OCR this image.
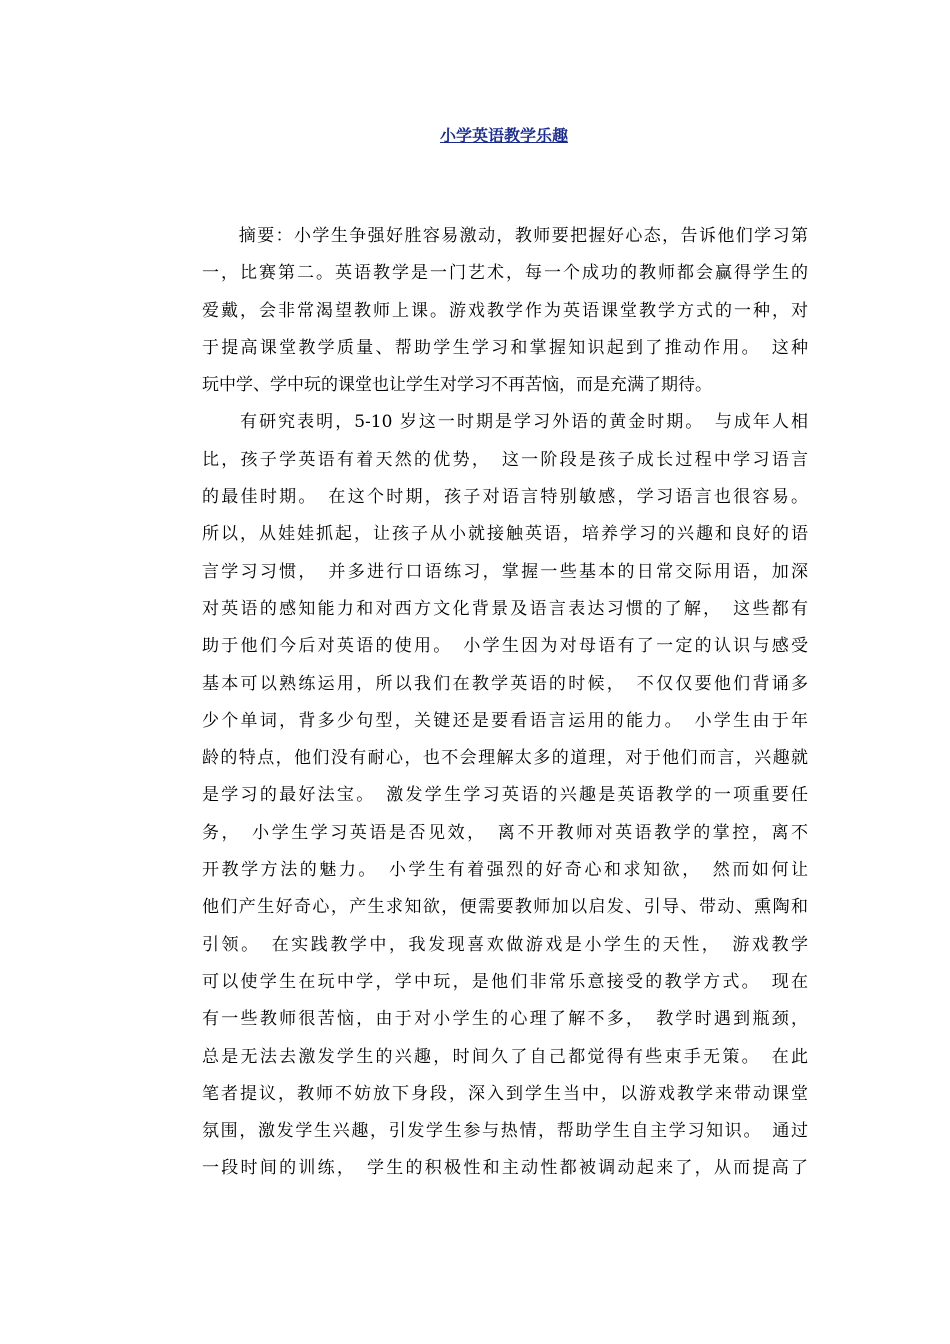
小学英语教学乐趣
　　摘要：小学生争强好胜容易激动，教师要把握好心态，告诉他们学习第
一，比赛第二。英语教学是一门艺术，每一个成功的教师都会赢得学生的
爱戴，会非常渴望教师上课。游戏教学作为英语课堂教学方式的一种，对
于提高课堂教学质量、帮助学生学习和掌握知识起到了推动作用。　这种
玩中学、学中玩的课堂也让学生对学习不再苦恼，而是充满了期待。
　　有研究表明，5-10 岁这一时期是学习外语的黄金时期。　与成年人相
比，孩子学英语有着天然的优势，　这一阶段是孩子成长过程中学习语言
的最佳时期。　在这个时期，孩子对语言特别敏感，学习语言也很容易。
所以，从娃娃抓起，让孩子从小就接触英语，培养学习的兴趣和良好的语
言学习习惯，　并多进行口语练习，掌握一些基本的日常交际用语，加深
对英语的感知能力和对西方文化背景及语言表达习惯的了解，　这些都有
助于他们今后对英语的使用。　小学生因为对母语有了一定的认识与感受
基本可以熟练运用，所以我们在教学英语的时候，　不仅仅要他们背诵多
少个单词，背多少句型，关键还是要看语言运用的能力。　小学生由于年
龄的特点，他们没有耐心，也不会理解太多的道理，对于他们而言，兴趣就
是学习的最好法宝。　激发学生学习英语的兴趣是英语教学的一项重要任
务，　小学生学习英语是否见效，　离不开教师对英语教学的掌控，离不
开教学方法的魅力。　小学生有着强烈的好奇心和求知欲，　然而如何让
他们产生好奇心，产生求知欲，便需要教师加以启发、引导、带动、熏陶和
引领。　在实践教学中，我发现喜欢做游戏是小学生的天性，　游戏教学
可以使学生在玩中学，学中玩，是他们非常乐意接受的教学方式。　现在
有一些教师很苦恼，由于对小学生的心理了解不多，　教学时遇到瓶颈，
总是无法去激发学生的兴趣，时间久了自己都觉得有些束手无策。　在此
笔者提议，教师不妨放下身段，深入到学生当中，以游戏教学来带动课堂
氛围，激发学生兴趣，引发学生参与热情，帮助学生自主学习知识。　通过
一段时间的训练，　学生的积极性和主动性都被调动起来了，从而提高了
